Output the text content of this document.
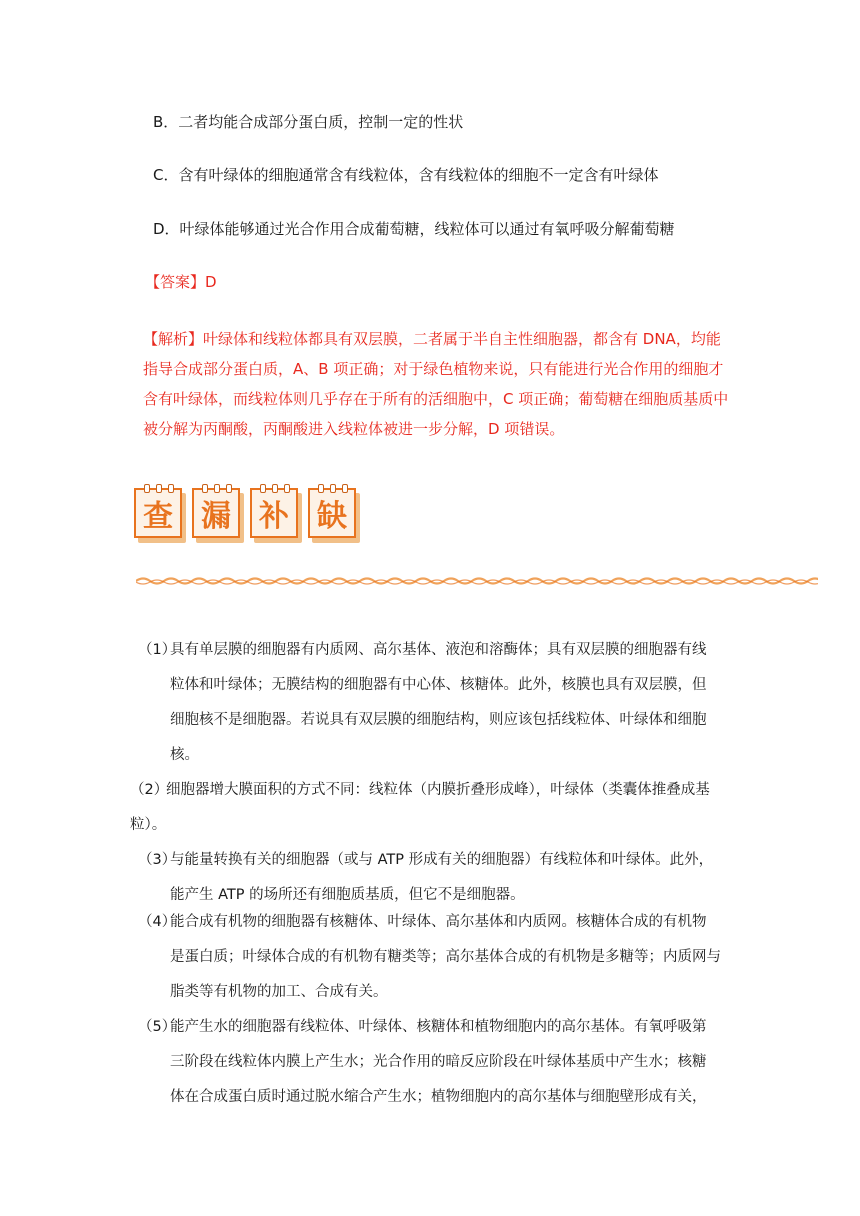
B．二者均能合成部分蛋白质，控制一定的性状
C．含有叶绿体的细胞通常含有线粒体，含有线粒体的细胞不一定含有叶绿体
D．叶绿体能够通过光合作用合成葡萄糖，线粒体可以通过有氧呼吸分解葡萄糖
【答案】D
【解析】叶绿体和线粒体都具有双层膜，二者属于半自主性细胞器，都含有 DNA，均能指导合成部分蛋白质，A、B 项正确；对于绿色植物来说，只有能进行光合作用的细胞才含有叶绿体，而线粒体则几乎存在于所有的活细胞中，C 项正确；葡萄糖在细胞质基质中被分解为丙酮酸，丙酮酸进入线粒体被进一步分解，D 项错误。
查 漏 补 缺
（1）
具有单层膜的细胞器有内质网、高尔基体、液泡和溶酶体；具有双层膜的细胞器有线
粒体和叶绿体；无膜结构的细胞器有中心体、核糖体。此外，核膜也具有双层膜，但
细胞核不是细胞器。若说具有双层膜的细胞结构，则应该包括线粒体、叶绿体和细胞
核。
（2）
细胞器增大膜面积的方式不同：线粒体（内膜折叠形成峰），叶绿体（类囊体推叠成基
粒）。
（3）
与能量转换有关的细胞器（或与 ATP 形成有关的细胞器）有线粒体和叶绿体。此外，
能产生 ATP 的场所还有细胞质基质，但它不是细胞器。
（4）
能合成有机物的细胞器有核糖体、叶绿体、高尔基体和内质网。核糖体合成的有机物
是蛋白质；叶绿体合成的有机物有糖类等；高尔基体合成的有机物是多糖等；内质网与
脂类等有机物的加工、合成有关。
（5）
能产生水的细胞器有线粒体、叶绿体、核糖体和植物细胞内的高尔基体。有氧呼吸第
三阶段在线粒体内膜上产生水；光合作用的暗反应阶段在叶绿体基质中产生水；核糖
体在合成蛋白质时通过脱水缩合产生水；植物细胞内的高尔基体与细胞壁形成有关，
